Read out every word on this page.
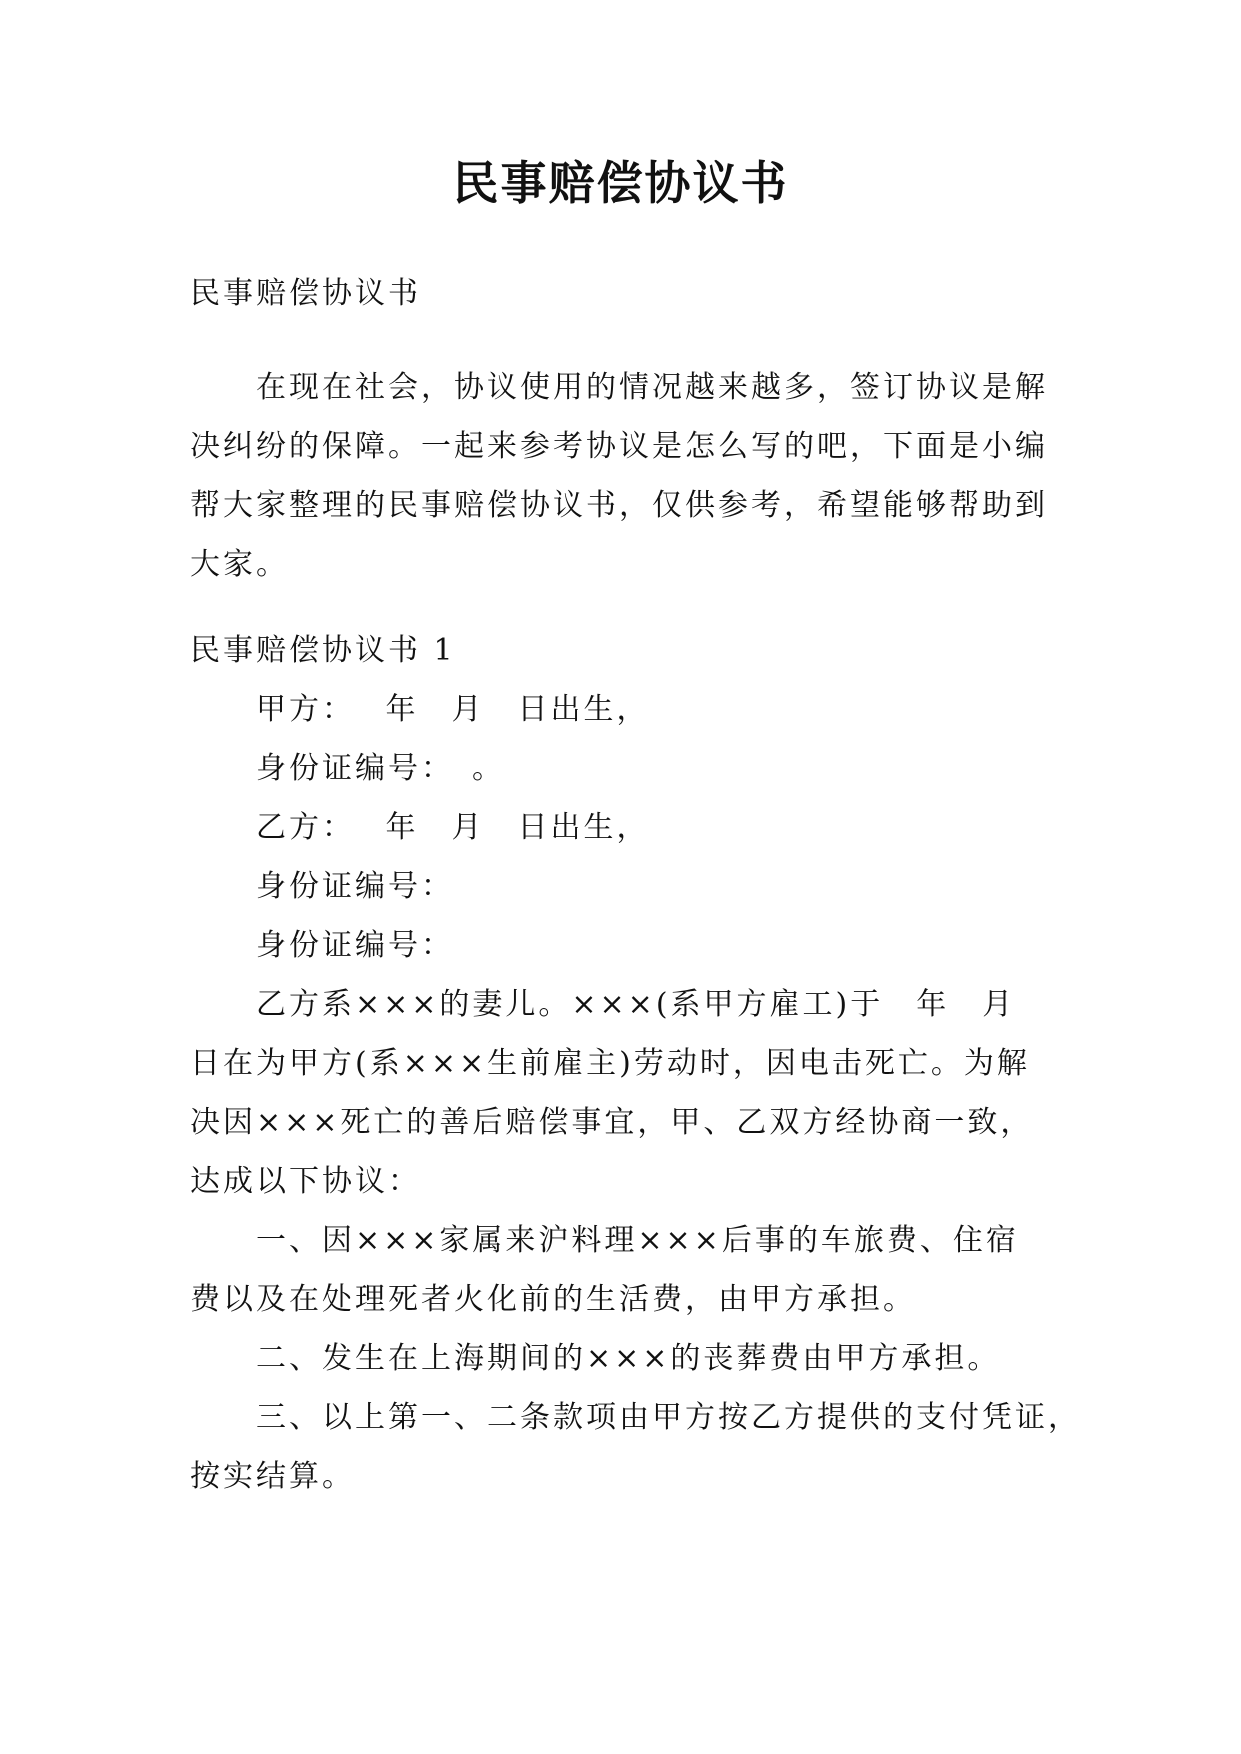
民事赔偿协议书
民事赔偿协议书
在现在社会，协议使用的情况越来越多，签订协议是解
决纠纷的保障。一起来参考协议是怎么写的吧，下面是小编
帮大家整理的民事赔偿协议书，仅供参考，希望能够帮助到
大家。
民事赔偿协议书 1
甲方：　 年　月　日出生，
身份证编号：　。
乙方：　 年　月　日出生，
身份证编号：
身份证编号：
乙方系×××的妻儿。×××(系甲方雇工)于　年　月
日在为甲方(系×××生前雇主)劳动时，因电击死亡。为解
决因×××死亡的善后赔偿事宜，甲、乙双方经协商一致，
达成以下协议：
一、因×××家属来沪料理×××后事的车旅费、住宿
费以及在处理死者火化前的生活费，由甲方承担。
二、发生在上海期间的×××的丧葬费由甲方承担。
三、以上第一、二条款项由甲方按乙方提供的支付凭证，
按实结算。
